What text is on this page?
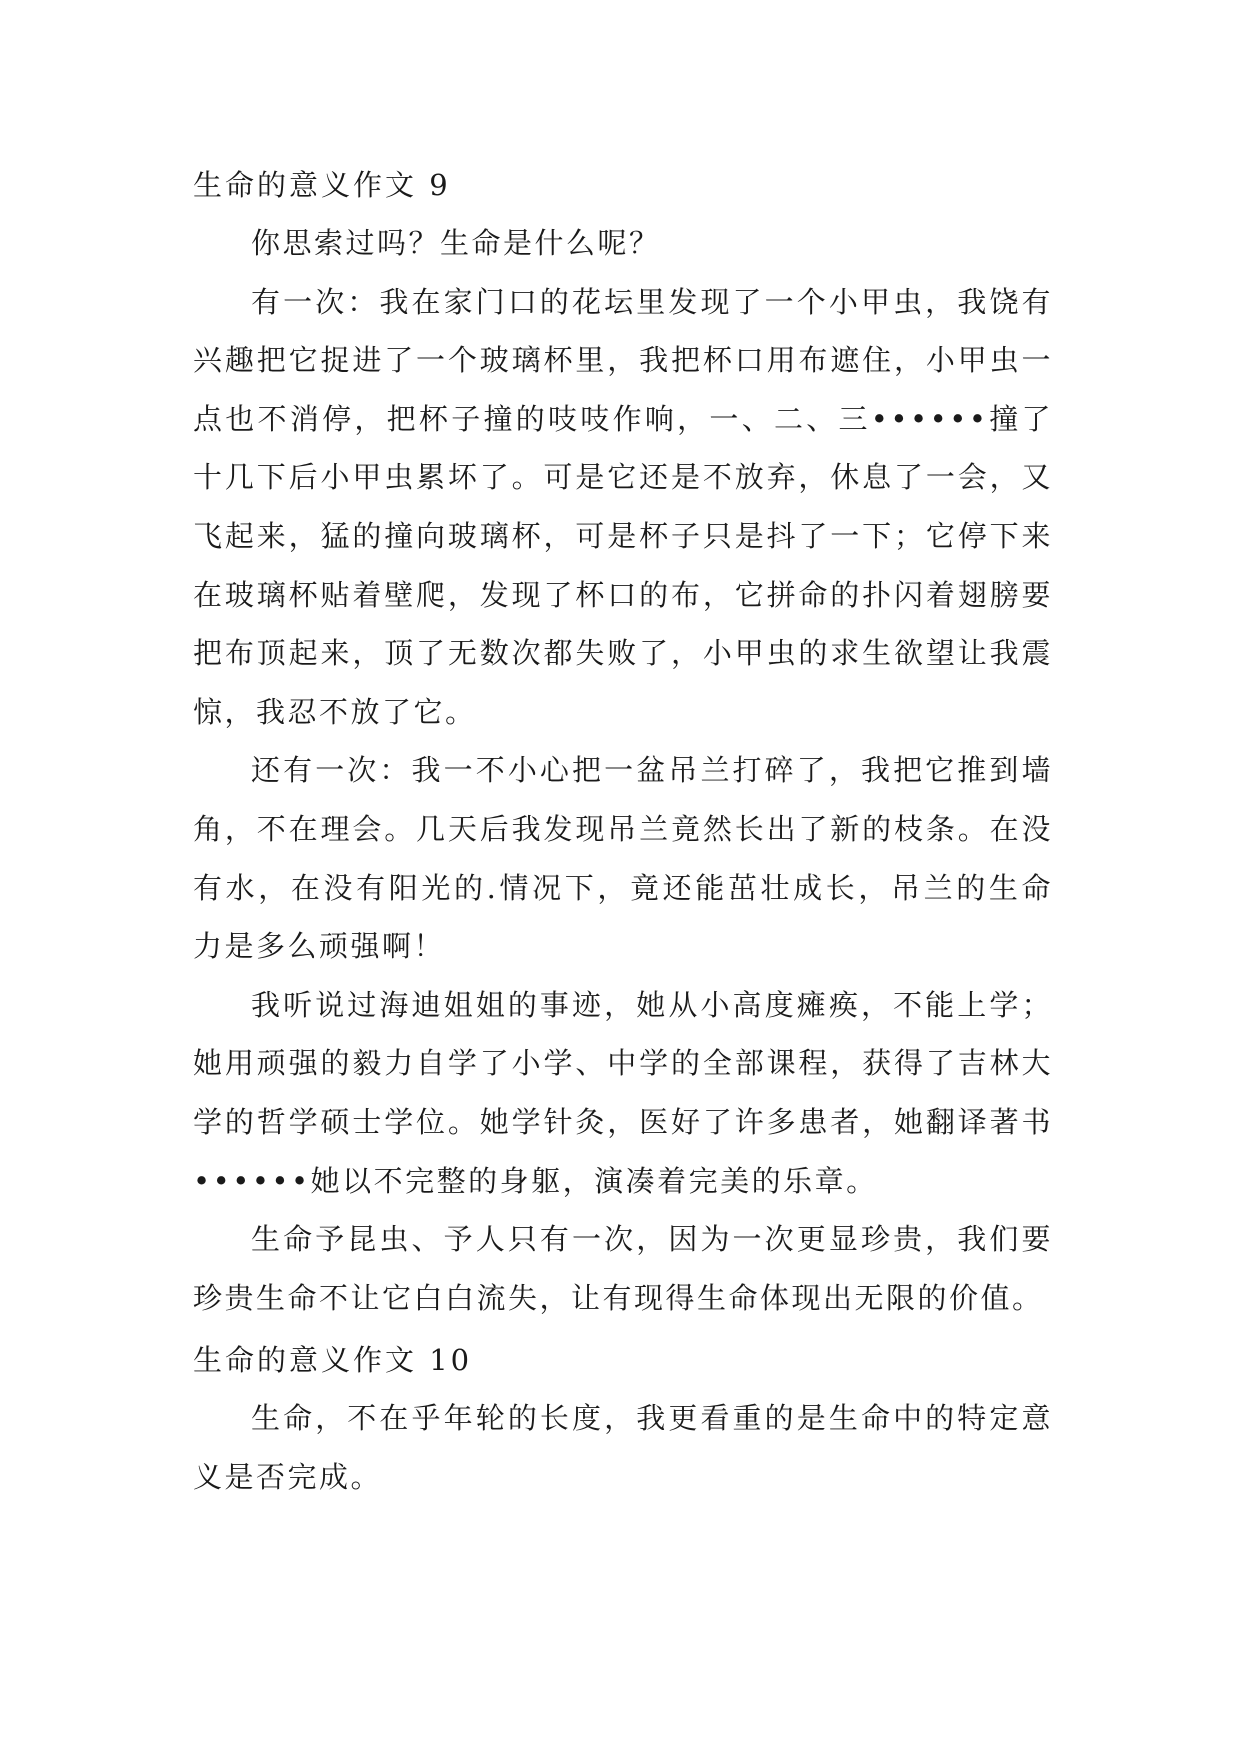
生命的意义作文 9

你思索过吗？生命是什么呢？

有一次：我在家门口的花坛里发现了一个小甲虫，我饶有兴趣把它捉进了一个玻璃杯里，我把杯口用布遮住，小甲虫一点也不消停，把杯子撞的吱吱作响，一、二、三••••••撞了十几下后小甲虫累坏了。可是它还是不放弃，休息了一会，又飞起来，猛的撞向玻璃杯，可是杯子只是抖了一下；它停下来在玻璃杯贴着壁爬，发现了杯口的布，它拼命的扑闪着翅膀要把布顶起来，顶了无数次都失败了，小甲虫的求生欲望让我震惊，我忍不放了它。

还有一次：我一不小心把一盆吊兰打碎了，我把它推到墙角，不在理会。几天后我发现吊兰竟然长出了新的枝条。在没有水，在没有阳光的.情况下，竟还能茁壮成长，吊兰的生命力是多么顽强啊！

我听说过海迪姐姐的事迹，她从小高度瘫痪，不能上学；她用顽强的毅力自学了小学、中学的全部课程，获得了吉林大学的哲学硕士学位。她学针灸，医好了许多患者，她翻译著书••••••她以不完整的身躯，演凑着完美的乐章。

生命予昆虫、予人只有一次，因为一次更显珍贵，我们要珍贵生命不让它白白流失，让有现得生命体现出无限的价值。

生命的意义作文 10

生命，不在乎年轮的长度，我更看重的是生命中的特定意义是否完成。
